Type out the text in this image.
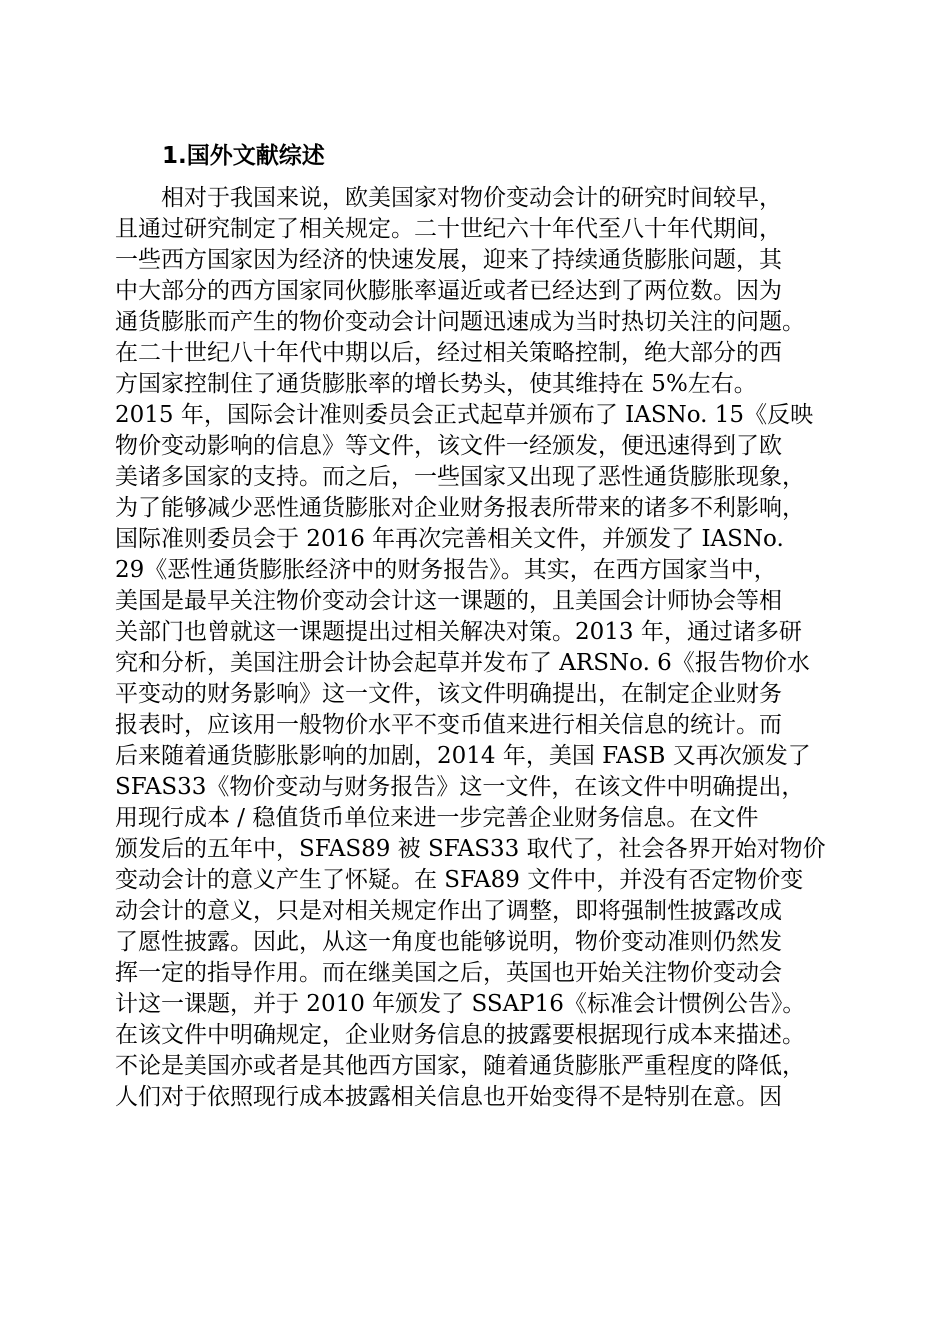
1.国外文献综述
相对于我国来说，欧美国家对物价变动会计的研究时间较早，
且通过研究制定了相关规定。二十世纪六十年代至八十年代期间，
一些西方国家因为经济的快速发展，迎来了持续通货膨胀问题，其
中大部分的西方国家同伙膨胀率逼近或者已经达到了两位数。因为
通货膨胀而产生的物价变动会计问题迅速成为当时热切关注的问题。
在二十世纪八十年代中期以后，经过相关策略控制，绝大部分的西
方国家控制住了通货膨胀率的增长势头，使其维持在 5%左右。
2015 年，国际会计准则委员会正式起草并颁布了 IASNo. 15《反映
物价变动影响的信息》等文件，该文件一经颁发，便迅速得到了欧
美诸多国家的支持。而之后，一些国家又出现了恶性通货膨胀现象，
为了能够减少恶性通货膨胀对企业财务报表所带来的诸多不利影响，
国际准则委员会于 2016 年再次完善相关文件，并颁发了 IASNo.
29《恶性通货膨胀经济中的财务报告》。其实，在西方国家当中，
美国是最早关注物价变动会计这一课题的，且美国会计师协会等相
关部门也曾就这一课题提出过相关解决对策。2013 年，通过诸多研
究和分析，美国注册会计协会起草并发布了 ARSNo. 6《报告物价水
平变动的财务影响》这一文件，该文件明确提出，在制定企业财务
报表时，应该用一般物价水平不变币值来进行相关信息的统计。而
后来随着通货膨胀影响的加剧，2014 年，美国 FASB 又再次颁发了
SFAS33《物价变动与财务报告》这一文件，在该文件中明确提出，
用现行成本 / 稳值货币单位来进一步完善企业财务信息。在文件
颁发后的五年中，SFAS89 被 SFAS33 取代了，社会各界开始对物价
变动会计的意义产生了怀疑。在 SFA89 文件中，并没有否定物价变
动会计的意义，只是对相关规定作出了调整，即将强制性披露改成
了愿性披露。因此，从这一角度也能够说明，物价变动准则仍然发
挥一定的指导作用。而在继美国之后，英国也开始关注物价变动会
计这一课题，并于 2010 年颁发了 SSAP16《标准会计惯例公告》。
在该文件中明确规定，企业财务信息的披露要根据现行成本来描述。
不论是美国亦或者是其他西方国家，随着通货膨胀严重程度的降低，
人们对于依照现行成本披露相关信息也开始变得不是特别在意。因
